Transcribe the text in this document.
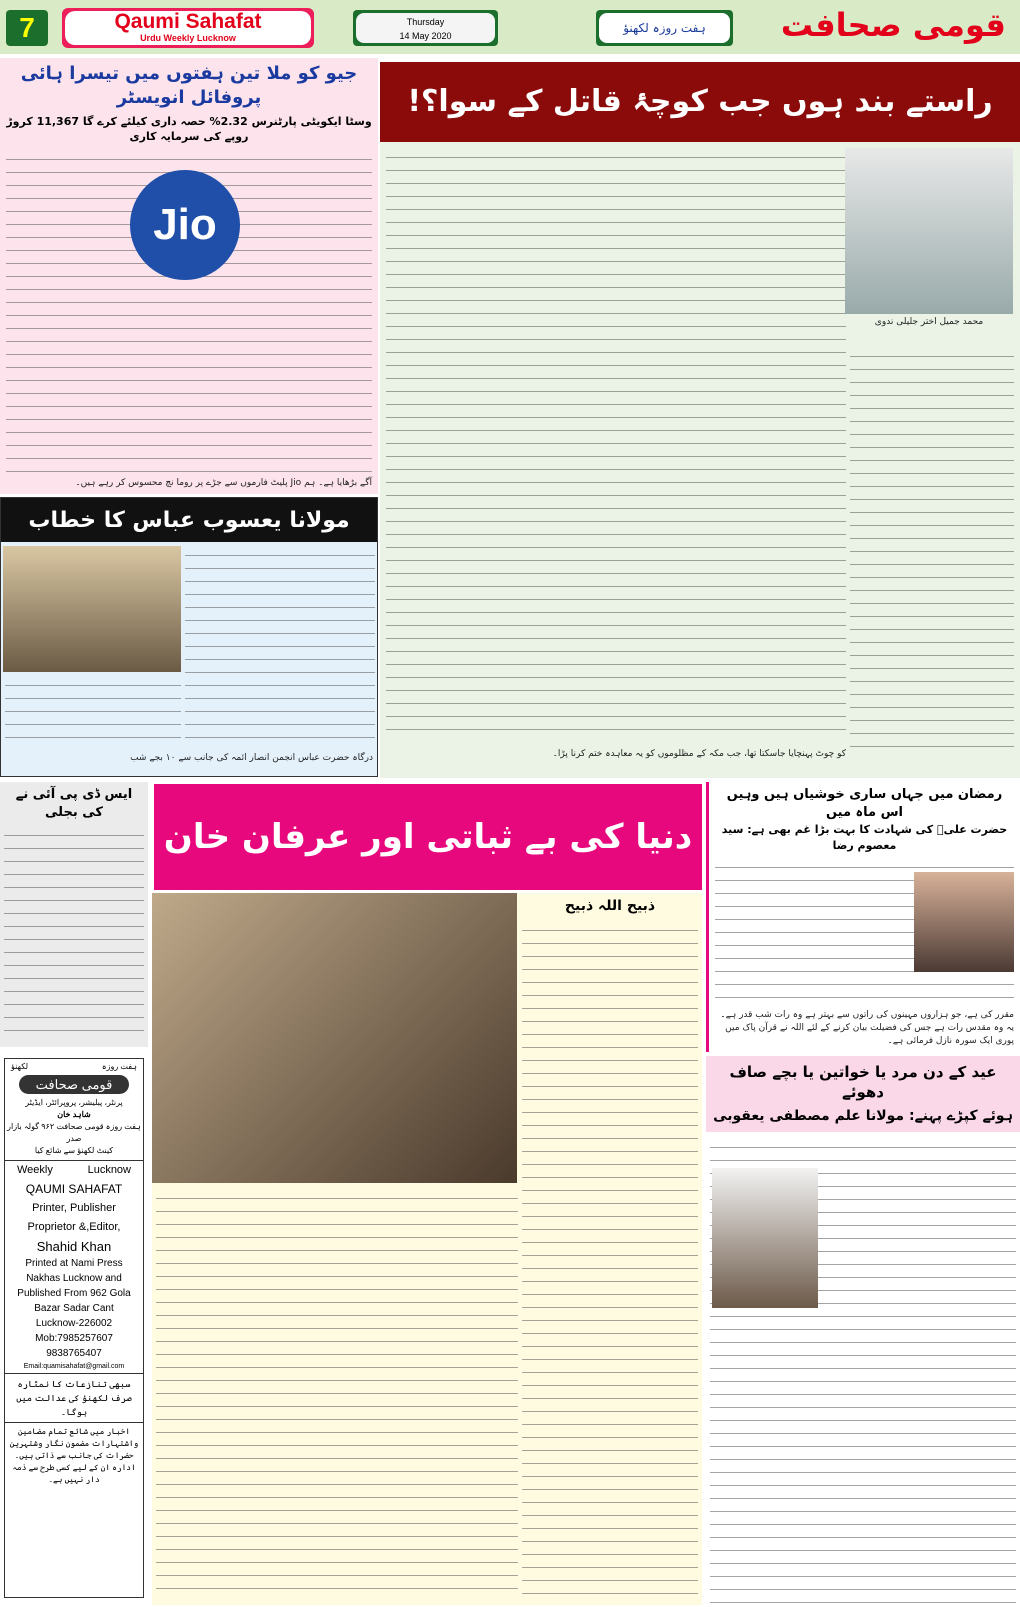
7	Qaumi Sahafat
Urdu Weekly Lucknow
Thursday
14 May 2020
ہفت روزہ لکھنؤ	قومی صحافت
جیو کو ملا تین ہفتوں میں تیسرا ہائی پروفائل انویسٹر
وسٹا ایکویٹی پارٹنرس 2.32% حصہ داری کیلئے کرے گا 11,367 کروڑ روپے کی سرمایہ کاری
Jio
آگے بڑھایا ہے۔ ہم Jio پلیٹ فارموں سے جڑے پر روما نچ محسوس کر رہے ہیں۔
راستے بند ہوں جب کوچۂ قاتل کے سوا؟!
محمد جمیل اختر جلیلی ندوی
کو چوٹ پہنچایا جاسکتا تھا، جب مکہ کے مظلوموں کو یہ معاہدہ ختم کرنا پڑا۔
مولانا یعسوب عباس کا خطاب
درگاہ حضرت عباس انجمن انصار ائمہ کی جانب سے ۱۰ بجے شب
ایس ڈی پی آئی نے کی بجلی
ہفت روزہ
لکھنؤ
قومی صحافت
پرنٹر، پبلیشر، پروپرائٹر، ایڈیٹر
شاہد خان
ہفت روزہ قومی صحافت ۹۶۲ گولہ بازار صدر
کینٹ لکھنؤ سے شائع کیا
Weekly	Lucknow
QAUMI SAHAFAT
Printer, Publisher
Proprietor &,Editor,
Shahid Khan
Printed at Nami Press
Nakhas Lucknow and
Published From 962 Gola
Bazar Sadar Cant
Lucknow-226002
Mob:7985257607
9838765407
Email:quamisahafat@gmail.com
سبھی تنازعات کا نمٹارہ صرف لکھنؤ کی عدالت میں ہوگا۔
اخبار میں شائع تمام مضامین واشتہارات مضمون نگار وشتہرین حضرات کی جانب سے ذاتی ہیں۔ ادارہ ان کے لیے کسی طرح سے ذمہ دار نہیں ہے۔
دنیا کی بے ثباتی اور عرفان خان
ذبیح اللہ ذبیح
رمضان میں جہاں ساری خوشیاں ہیں وہیں اس ماہ میں
حضرت علیؑ کی شہادت کا بہت بڑا غم بھی ہے: سید معصوم رضا
مقرر کی ہے، جو ہزاروں مہینوں کی راتوں سے بہتر ہے وہ رات شب قدر ہے۔ یہ وہ مقدس رات ہے جس کی فضیلت بیان کرنے کے لئے اللہ نے قرآن پاک میں پوری ایک سورہ نازل فرمائی ہے۔
عید کے دن مرد یا خواتین یا بچے صاف دھوئے
ہوئے کپڑے پہنے: مولانا علم مصطفی یعقوبی
